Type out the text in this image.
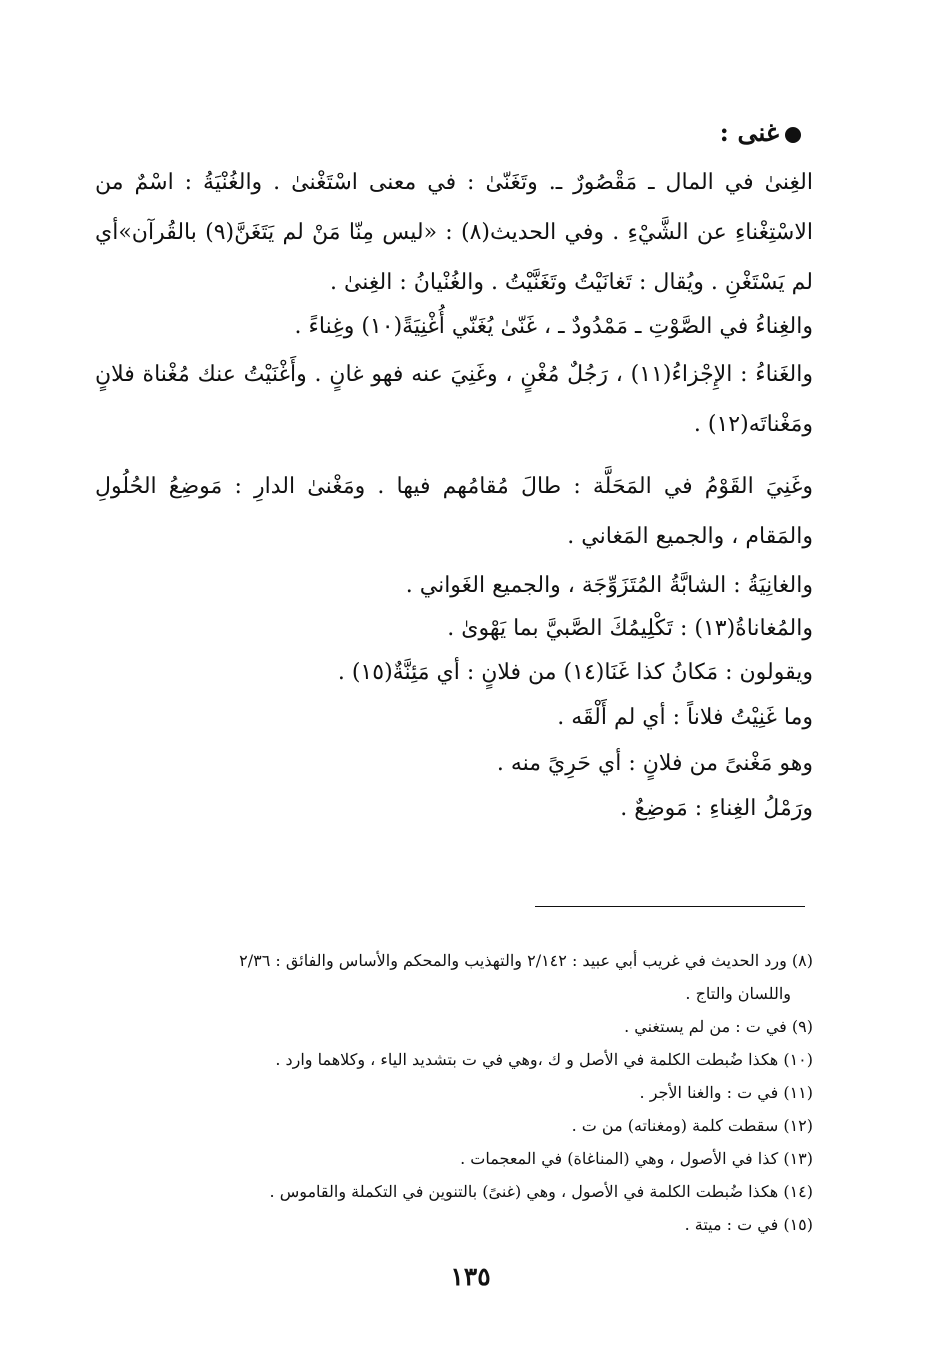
غنى :
الغِنىٰ في المال ـ مَقْصُورٌ ـ. وتَغَنّىٰ : في معنى اسْتَغْنىٰ . والغُنْيَةُ : اسْمٌ من الاسْتِغْناءِ عن الشَّيْءِ . وفي الحديث(٨) : «ليس مِنّا مَنْ لم يَتَغَنَّ(٩) بالقُرآن»أي لم يَسْتَغْنِ . ويُقال : تَغانَيْتُ وتَغَنَّيْتُ . والغُنْيانُ : الغِنىٰ .
والغِناءُ في الصَّوْتِ ـ مَمْدُودٌ ـ ، غَنّىٰ يُغَنّي أُغْنِيَةً(١٠) وغِناءً .
والغَناءُ : الإِجْزاءُ(١١) ، رَجُلٌ مُغْنٍ ، وغَنِيَ عنه فهو غانٍ . وأَغْنَيْتُ عنك مُغْناة فلانٍ ومَغْناتَه(١٢) .
وغَنِيَ القَوْمُ في المَحَلَّة : طالَ مُقامُهم فيها . ومَغْنىٰ الدارِ : مَوضِعُ الحُلُولِ والمَقام ، والجميع المَغاني .
والغانِيَةُ : الشابَّةُ المُتَزَوِّجَة ، والجميع الغَواني .
والمُغاناةُ(١٣) : تَكْلِيمُكَ الصَّبيَّ بما يَهْوىٰ .
ويقولون : مَكانُ كذا غَنَا(١٤) من فلانٍ : أي مَئِنَّةٌ(١٥) .
وما غَنِيْتُ فلاناً : أي لم أَلْقَه .
وهو مَغْنىً من فلانٍ : أي حَرِيً منه .
ورَمْلُ الغِناءِ : مَوضِعٌ .
(٨) ورد الحديث في غريب أبي عبيد : ٢/١٤٢ والتهذيب والمحكم والأساس والفائق : ٢/٣٦
واللسان والتاج .
(٩) في ت : من لم يستغني .
(١٠) هكذا ضُبطت الكلمة في الأصل و ك ،وهي في ت بتشديد الياء ، وكلاهما وارد .
(١١) في ت : والغنا الأجر .
(١٢) سقطت كلمة (ومغناته) من ت .
(١٣) كذا في الأصول ، وهي (المناغاة) في المعجمات .
(١٤) هكذا ضُبطت الكلمة في الأصول ، وهي (غنىً) بالتنوين في التكملة والقاموس .
(١٥) في ت : ميتة .
١٣٥
